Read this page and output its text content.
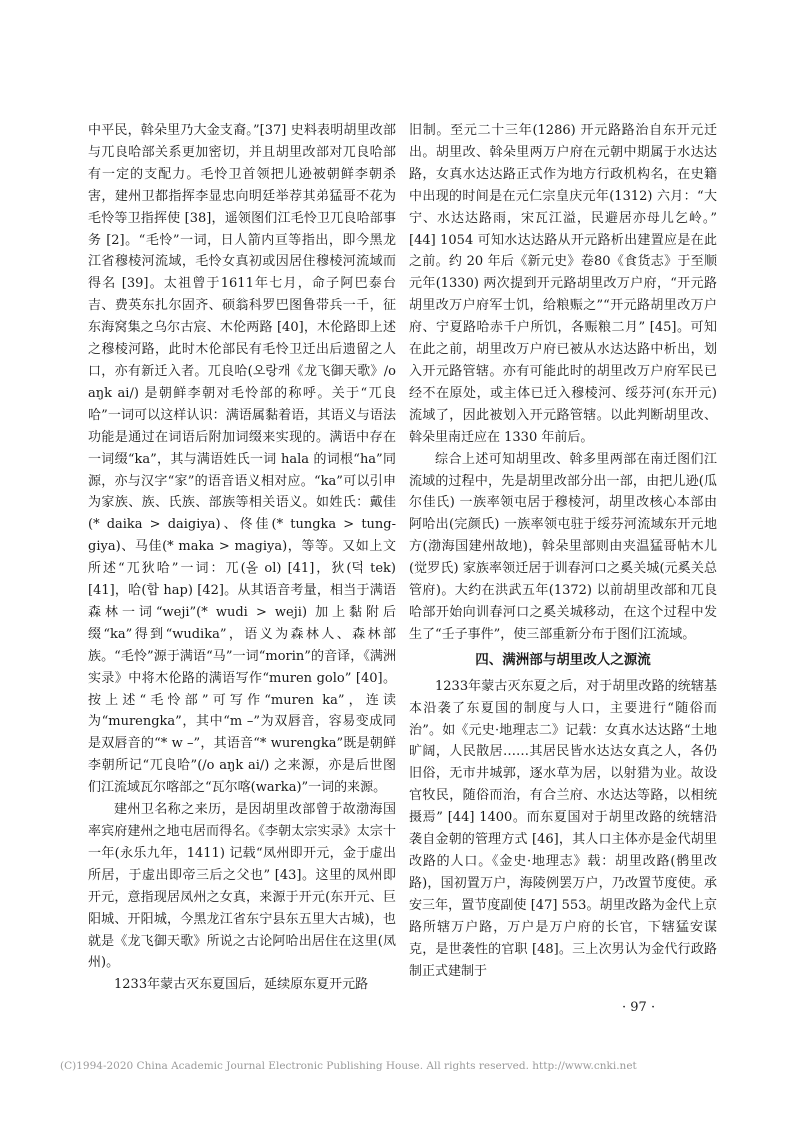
中平民，斡朵里乃大金支裔。”[37] 史料表明胡里改部与兀良哈部关系更加密切，并且胡里改部对兀良哈部有一定的支配力。毛怜卫首领把儿逊被朝鲜李朝杀害，建州卫都指挥李显忠向明廷举荐其弟猛哥不花为毛怜等卫指挥使 [38]，遥领图们江毛怜卫兀良哈部事务 [2]。“毛怜”一词，日人箭内亘等指出，即今黑龙江省穆棱河流域，毛怜女真初或因居住穆棱河流域而得名 [39]。太祖曾于1611年七月，命子阿巴泰台吉、费英东扎尔固齐、硕翁科罗巴图鲁带兵一千，征东海窝集之乌尔古宸、木伦两路 [40]，木伦路即上述之穆棱河路，此时木伦部民有毛怜卫迁出后遗留之人口，亦有新迁入者。兀良哈(오랑캐《龙飞御天歌》/o aŋk ai/) 是朝鲜李朝对毛怜部的称呼。关于“兀良哈”一词可以这样认识：满语属黏着语，其语义与语法功能是通过在词语后附加词缀来实现的。满语中存在一词缀“ka”，其与满语姓氏一词 hala 的词根“ha”同源，亦与汉字“家”的语音语义相对应。“ka”可以引申为家族、族、氏族、部族等相关语义。如姓氏：戴佳(* daika > daigiya)、佟佳(* tungka > tung-giya)、马佳(* maka > magiya)，等等。又如上文所述“兀狄哈”一词：兀(올 ol) [41]，狄(덕 tek) [41]，哈(합 hap) [42]。从其语音考量，相当于满语森林一词“weji”(* wudi > weji) 加上黏附后缀“ka”得到“wudika”，语义为森林人、森林部族。“毛怜”源于满语“马”一词“morin”的音译，《满洲实录》中将木伦路的满语写作“muren golo” [40]。按上述“毛怜部”可写作“muren ka”，连读为“murengka”，其中“m –”为双唇音，容易变成同是双唇音的“* w –”，其语音“* wurengka”既是朝鲜李朝所记“兀良哈”(/o aŋk ai/) 之来源，亦是后世图们江流域瓦尔喀部之“瓦尔喀(warka)”一词的来源。

建州卫名称之来历，是因胡里改部曾于故渤海国率宾府建州之地屯居而得名。《李朝太宗实录》太宗十一年(永乐九年，1411) 记载“凤州即开元，金于虚出所居，于虚出即帝三后之父也” [43]。这里的凤州即开元，意指现居凤州之女真，来源于开元(东开元、巨阳城、开阳城，今黑龙江省东宁县东五里大古城)，也就是《龙飞御天歌》所说之古论阿哈出居住在这里(凤州)。

1233年蒙古灭东夏国后，延续原东夏开元路

旧制。至元二十三年(1286) 开元路路治自东开元迁出。胡里改、斡朵里两万户府在元朝中期属于水达达路，女真水达达路正式作为地方行政机构名，在史籍中出现的时间是在元仁宗皇庆元年(1312) 六月：“大宁、水达达路雨，宋瓦江溢，民避居亦母儿乞岭。” [44] 1054 可知水达达路从开元路析出建置应是在此之前。约 20 年后《新元史》卷80《食货志》于至顺元年(1330) 两次提到开元路胡里改万户府，“开元路胡里改万户府军士饥，给粮赈之”“开元路胡里改万户府、宁夏路哈赤千户所饥，各赈粮二月” [45]。可知在此之前，胡里改万户府已被从水达达路中析出，划入开元路管辖。亦有可能此时的胡里改万户府军民已经不在原处，或主体已迁入穆棱河、绥芬河(东开元) 流域了，因此被划入开元路管辖。以此判断胡里改、斡朵里南迁应在 1330 年前后。

综合上述可知胡里改、斡多里两部在南迁图们江流域的过程中，先是胡里改部分出一部，由把儿逊(瓜尔佳氏) 一族率领屯居于穆棱河，胡里改核心本部由阿哈出(完颜氏) 一族率领屯驻于绥芬河流域东开元地方(渤海国建州故地)，斡朵里部则由夹温猛哥帖木儿(觉罗氏) 家族率领迁居于训春河口之奚关城(元奚关总管府)。大约在洪武五年(1372) 以前胡里改部和兀良哈部开始向训春河口之奚关城移动，在这个过程中发生了“壬子事件”，使三部重新分布于图们江流域。

四、满洲部与胡里改人之源流

1233年蒙古灭东夏之后，对于胡里改路的统辖基本沿袭了东夏国的制度与人口，主要进行“随俗而治”。如《元史·地理志二》记载：女真水达达路“土地旷阔，人民散居……其居民皆水达达女真之人，各仍旧俗，无市井城郭，逐水草为居，以射猎为业。故设官牧民，随俗而治，有合兰府、水达达等路，以相统摄焉” [44] 1400。而东夏国对于胡里改路的统辖沿袭自金朝的管理方式 [46]，其人口主体亦是金代胡里改路的人口。《金史·地理志》载：胡里改路(鹘里改路)，国初置万户，海陵例罢万户，乃改置节度使。承安三年，置节度副使 [47] 553。胡里改路为金代上京路所辖万户路，万户是万户府的长官，下辖猛安谋克，是世袭性的官职 [48]。三上次男认为金代行政路制正式建制于

· 97 ·
(C)1994-2020 China Academic Journal Electronic Publishing House. All rights reserved. http://www.cnki.net
